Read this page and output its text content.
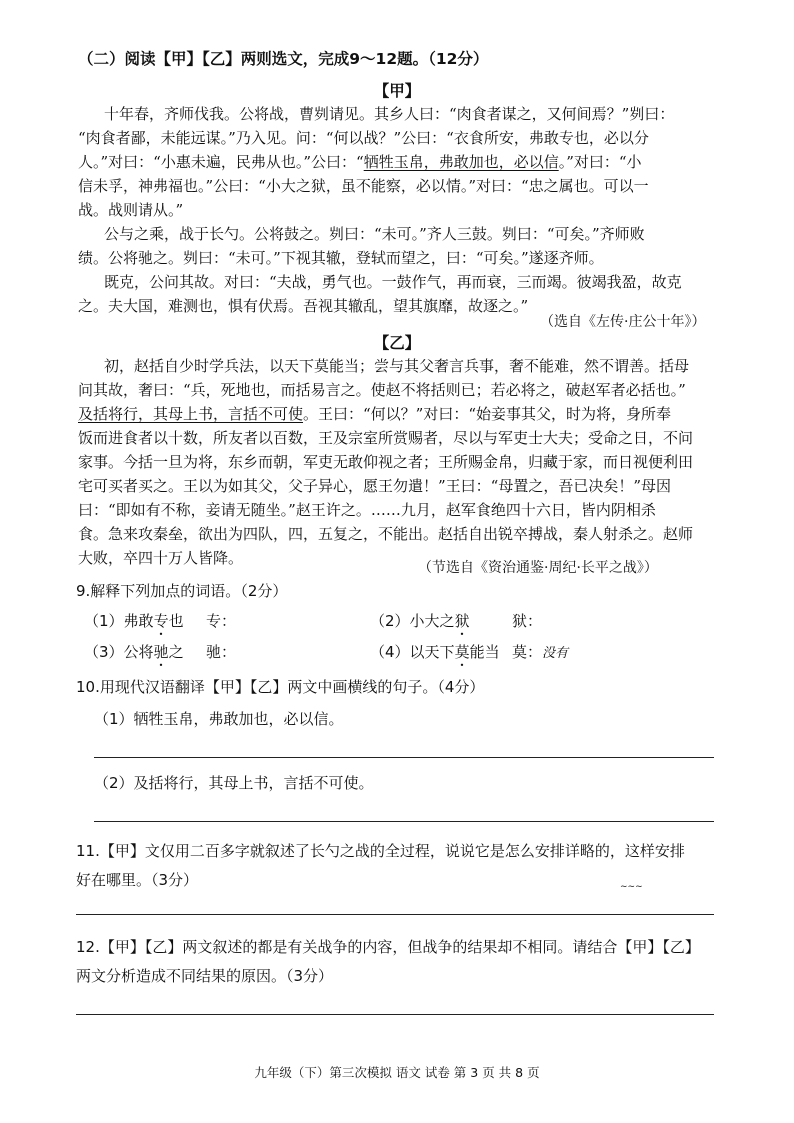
（二）阅读【甲】【乙】两则选文，完成9～12题。（12分）
【甲】
十年春，齐师伐我。公将战，曹刿请见。其乡人曰：“肉食者谋之，又何间焉？”刿曰：
“肉食者鄙，未能远谋。”乃入见。问：“何以战？”公曰：“衣食所安，弗敢专也，必以分
人。”对曰：“小惠未遍，民弗从也。”公曰：“牺牲玉帛，弗敢加也，必以信。”对曰：“小
信未孚，神弗福也。”公曰：“小大之狱，虽不能察，必以情。”对曰：“忠之属也。可以一
战。战则请从。”
公与之乘，战于长勺。公将鼓之。刿曰：“未可。”齐人三鼓。刿曰：“可矣。”齐师败
绩。公将驰之。刿曰：“未可。”下视其辙，登轼而望之，曰：“可矣。”遂逐齐师。
既克，公问其故。对曰：“夫战，勇气也。一鼓作气，再而衰，三而竭。彼竭我盈，故克
之。夫大国，难测也，惧有伏焉。吾视其辙乱，望其旗靡，故逐之。”
（选自《左传·庄公十年》）
【乙】
初，赵括自少时学兵法，以天下莫能当；尝与其父奢言兵事，奢不能难，然不谓善。括母
问其故，奢曰：“兵，死地也，而括易言之。使赵不将括则已；若必将之，破赵军者必括也。”
及括将行，其母上书，言括不可使。王曰：“何以？”对曰：“始妾事其父，时为将，身所奉
饭而进食者以十数，所友者以百数，王及宗室所赏赐者，尽以与军吏士大夫；受命之日，不问
家事。今括一旦为将，东乡而朝，军吏无敢仰视之者；王所赐金帛，归藏于家，而日视便利田
宅可买者买之。王以为如其父，父子异心，愿王勿遣！”王曰：“母置之，吾已决矣！”母因
曰：“即如有不称，妾请无随坐。”赵王许之。……九月，赵军食绝四十六日，皆内阴相杀
食。急来攻秦垒，欲出为四队，四，五复之，不能出。赵括自出锐卒搏战，秦人射杀之。赵师
大败，卒四十万人皆降。
（节选自《资治通鉴·周纪·长平之战》）
9.解释下列加点的词语。（2分）
（1）弗敢专也 专：	（2）小大之狱	狱：
（3）公将驰之 驰：	（4）以天下莫能当 莫：没有
10.用现代汉语翻译【甲】【乙】两文中画横线的句子。（4分）
（1）牺牲玉帛，弗敢加也，必以信。
（2）及括将行，其母上书，言括不可使。
11.【甲】文仅用二百多字就叙述了长勺之战的全过程，说说它是怎么安排详略的，这样安排
好在哪里。（3分）	~~~
12.【甲】【乙】两文叙述的都是有关战争的内容，但战争的结果却不相同。请结合【甲】【乙】
两文分析造成不同结果的原因。（3分）
九年级（下）第三次模拟 语文 试卷 第 3 页 共 8 页
